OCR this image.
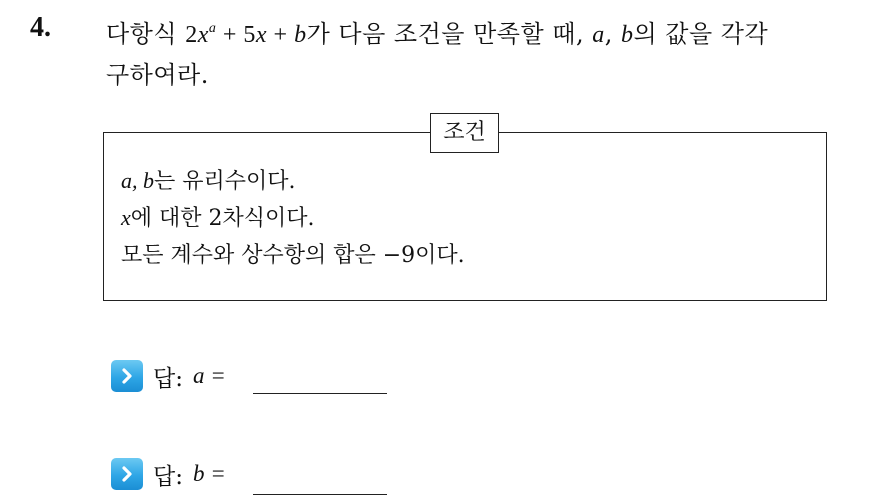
4. 다항식 $2x^a + 5x + b$가 다음 조건을 만족할 때, a, b의 값을 각각
구하여라.
조건
a, b는 유리수이다.
x에 대한 2차식이다.
모든 계수와 상수항의 합은 −9이다.
답: a =
답: b =
